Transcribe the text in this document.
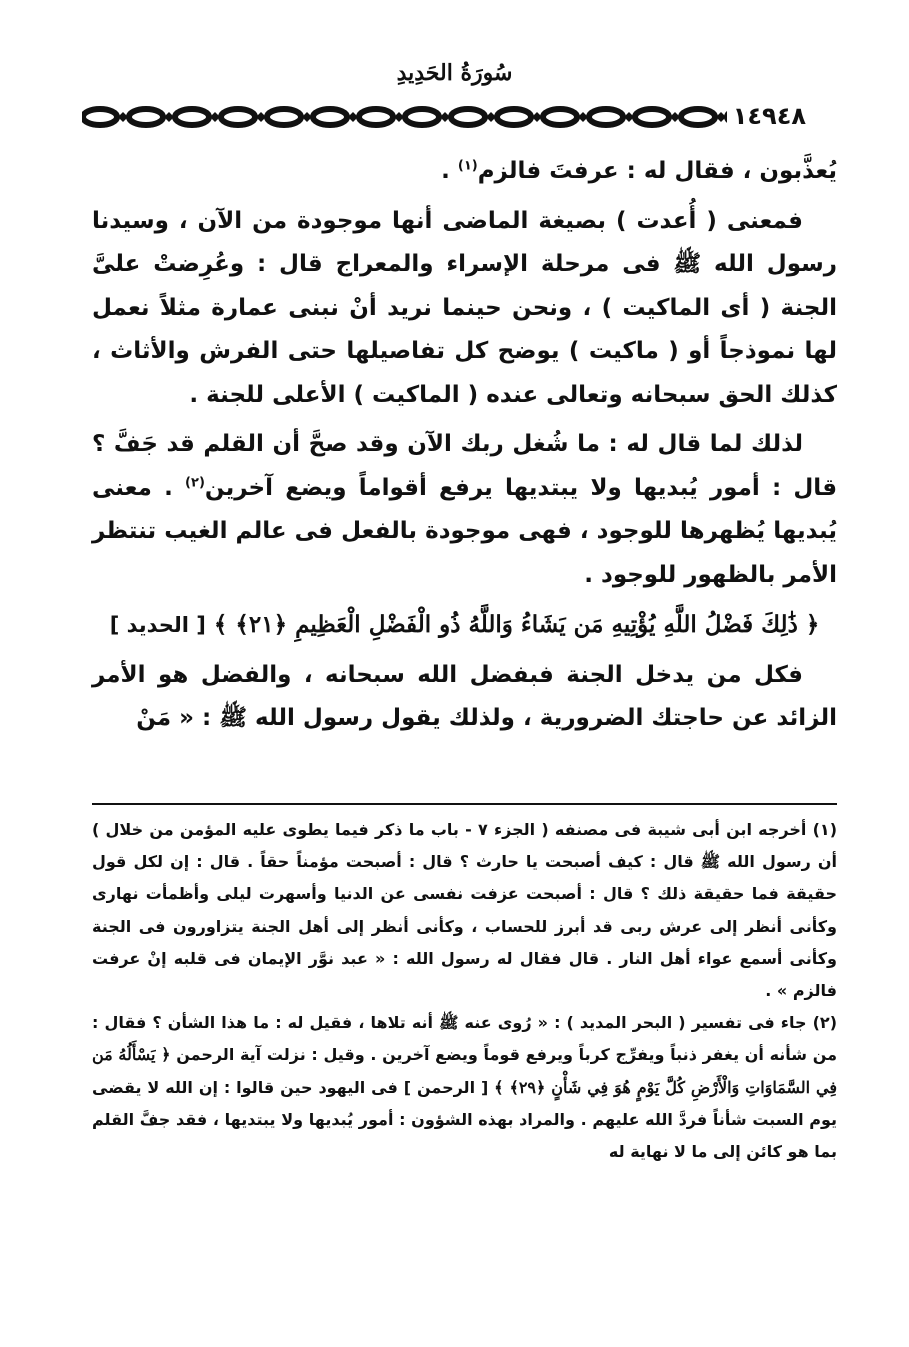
سُورَةُ الحَدِيدِ
١٤٩٤٨

يُعذَّبون ، فقال له : عرفتَ فالزم$^{(١)}$ .

فمعنى ( أُعدت ) بصيغة الماضى أنها موجودة من الآن ، وسيدنا رسول الله ﷺ فى مرحلة الإسراء والمعراج قال : وعُرِضتْ علىَّ الجنة ( أى الماكيت ) ، ونحن حينما نريد أنْ نبنى عمارة مثلاً نعمل لها نموذجاً أو ( ماكيت ) يوضح كل تفاصيلها حتى الفرش والأثاث ، كذلك الحق سبحانه وتعالى عنده ( الماكيت ) الأعلى للجنة .

لذلك لما قال له : ما شُغل ربك الآن وقد صحَّ أن القلم قد جَفَّ ؟ قال : أمور يُبديها ولا يبتديها يرفع أقواماً ويضع آخرين$^{(٢)}$ . معنى يُبديها يُظهرها للوجود ، فهى موجودة بالفعل فى عالم الغيب تنتظر الأمر بالظهور للوجود .

﴿ ذَٰلِكَ فَضْلُ اللَّهِ يُؤْتِيهِ مَن يَشَاءُ وَاللَّهُ ذُو الْفَضْلِ الْعَظِيمِ ﴿٢١﴾ ﴾ [ الحديد ]

فكل من يدخل الجنة فبفضل الله سبحانه ، والفضل هو الأمر الزائد عن حاجتك الضرورية ، ولذلك يقول رسول الله ﷺ : « مَنْ

(١) أخرجه ابن أبى شيبة فى مصنفه ( الجزء ٧ - باب ما ذكر فيما يطوى عليه المؤمن من خلال ) أن رسول الله ﷺ قال : كيف أصبحت يا حارث ؟ قال : أصبحت مؤمناً حقاً . قال : إن لكل قول حقيقة فما حقيقة ذلك ؟ قال : أصبحت عزفت نفسى عن الدنيا وأسهرت ليلى وأظمأت نهارى وكأنى أنظر إلى عرش ربى قد أبرز للحساب ، وكأنى أنظر إلى أهل الجنة يتزاورون فى الجنة وكأنى أسمع عواء أهل النار . قال فقال له رسول الله : « عبد نوَّر الإيمان فى قلبه إنْ عرفت فالزم » .

(٢) جاء فى تفسير ( البحر المديد ) : « رُوى عنه ﷺ أنه تلاها ، فقيل له : ما هذا الشأن ؟ فقال : من شأنه أن يغفر ذنباً ويفرِّج كرباً ويرفع قوماً ويضع آخرين . وقيل : نزلت آية الرحمن ﴿ يَسْأَلُهُ مَن فِي السَّمَاوَاتِ وَالْأَرْضِ كُلَّ يَوْمٍ هُوَ فِي شَأْنٍ ﴿٢٩﴾ ﴾ [ الرحمن ] فى اليهود حين قالوا : إن الله لا يقضى يوم السبت شأناً فردَّ الله عليهم . والمراد بهذه الشؤون : أمور يُبديها ولا يبتديها ، فقد جفَّ القلم بما هو كائن إلى ما لا نهاية له
